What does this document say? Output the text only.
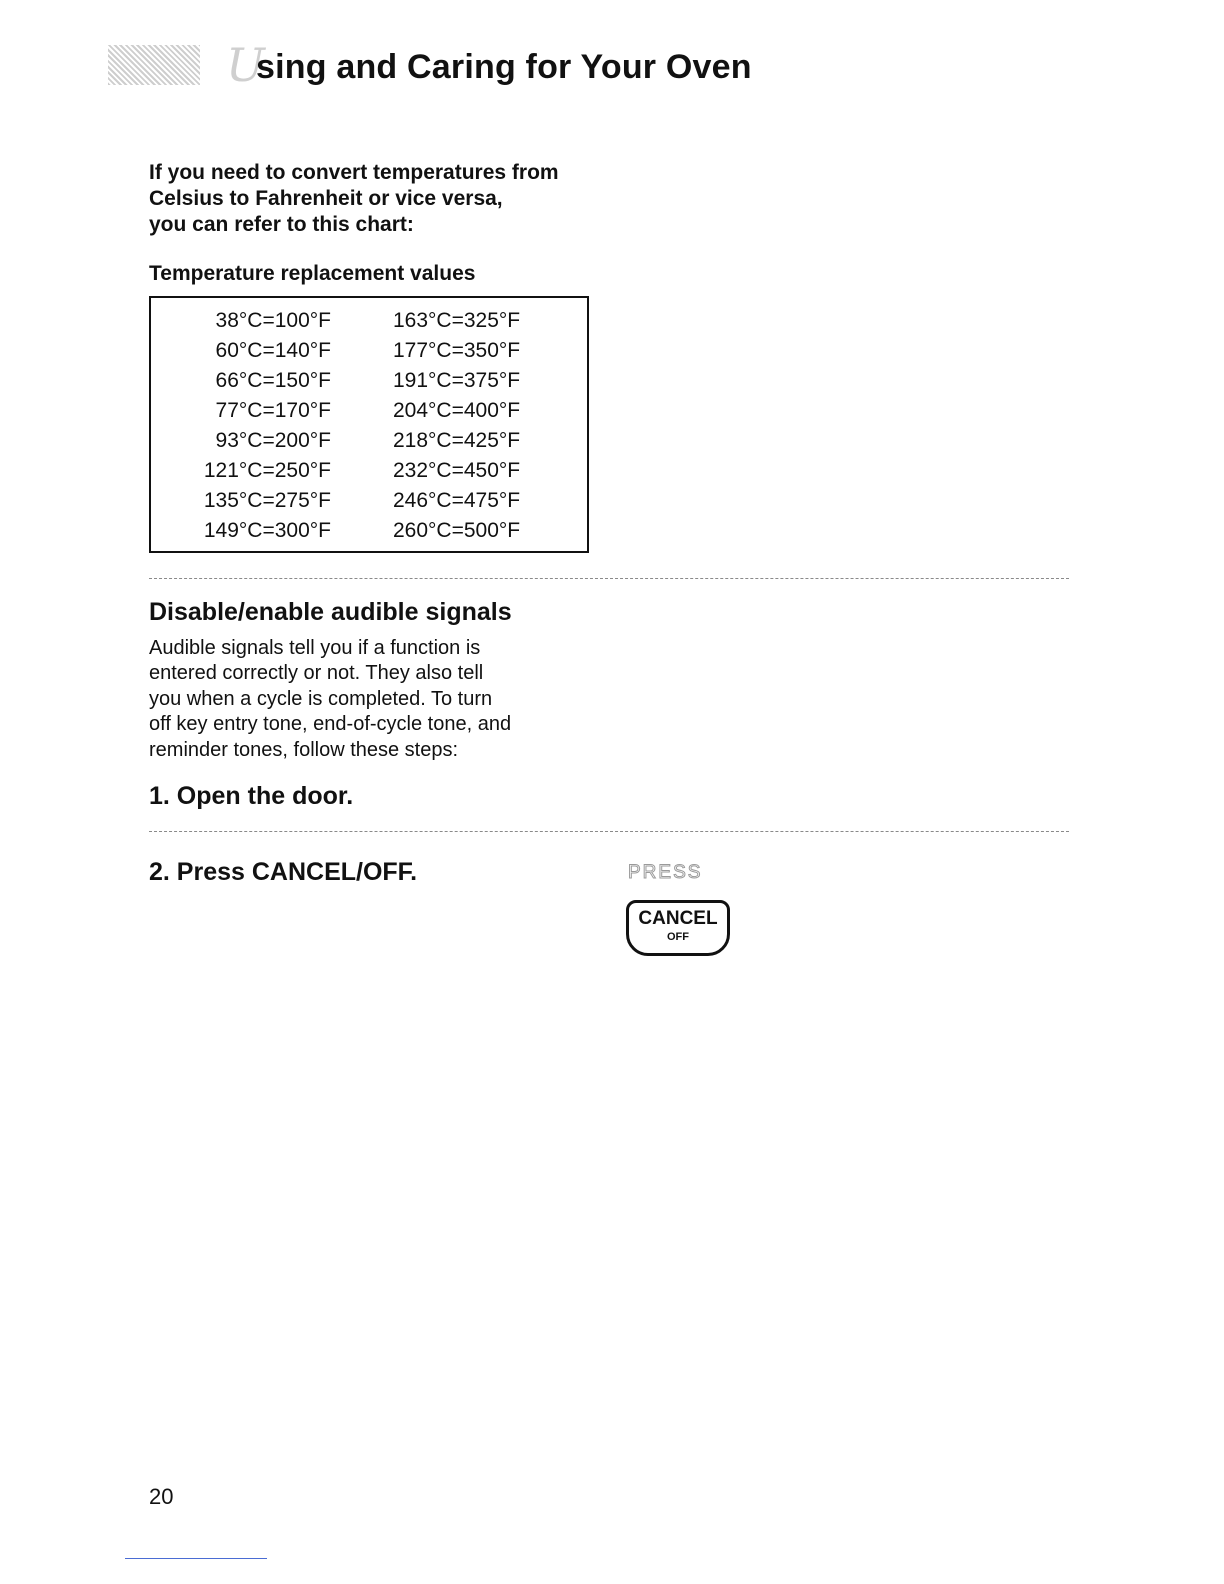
U
sing and Caring for Your Oven
If you need to convert temperatures from
Celsius to Fahrenheit or vice versa,
you can refer to this chart:
Temperature replacement values
38°C=100°F
60°C=140°F
66°C=150°F
77°C=170°F
93°C=200°F
121°C=250°F
135°C=275°F
149°C=300°F
163°C=325°F
177°C=350°F
191°C=375°F
204°C=400°F
218°C=425°F
232°C=450°F
246°C=475°F
260°C=500°F
Disable/enable audible signals
Audible signals tell you if a function is
entered correctly or not. They also tell
you when a cycle is completed. To turn
off key entry tone, end-of-cycle tone, and
reminder tones, follow these steps:
1. Open the door.
2. Press CANCEL/OFF.	PRESS
CANCEL
OFF
20
